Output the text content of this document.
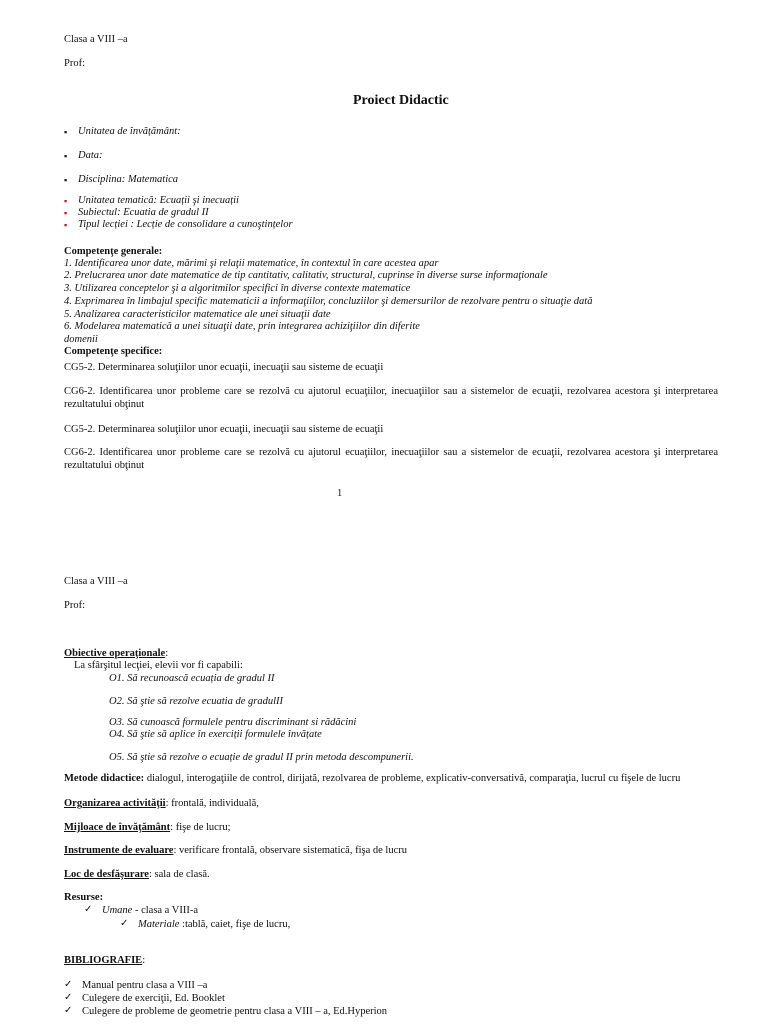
Clasa a VIII –a
Prof:
Proiect Didactic
▪ Unitatea de învățământ:
▪ Data:
▪ Disciplina: Matematica
▪ Unitatea tematică: Ecuații şi inecuații
▪ Subiectul: Ecuatia de gradul II
▪ Tipul lecției : Lecție de consolidare a cunoştințelor
Competenţe generale:
1. Identificarea unor date, mărimi şi relaţii matematice, în contextul în care acestea apar
2. Prelucrarea unor date matematice de tip cantitativ, calitativ, structural, cuprinse în diverse surse informaţionale
3. Utilizarea conceptelor şi a algoritmilor specifici în diverse contexte matematice
4. Exprimarea în limbajul specific matematicii a informaţiilor, concluziilor şi demersurilor de rezolvare pentru o situaţie dată
5. Analizarea caracteristicilor matematice ale unei situaţii date
6. Modelarea matematică a unei situaţii date, prin integrarea achiziţiilor din diferite
domenii
Competenţe specifice:
CG5-2. Determinarea soluţiilor unor ecuaţii, inecuaţii sau sisteme de ecuaţii
CG6-2. Identificarea unor probleme care se rezolvă cu ajutorul ecuaţiilor, inecuaţiilor sau a sistemelor de ecuaţii, rezolvarea acestora şi interpretarea rezultatului obţinut
CG5-2. Determinarea soluţiilor unor ecuaţii, inecuaţii sau sisteme de ecuaţii
CG6-2. Identificarea unor probleme care se rezolvă cu ajutorul ecuaţiilor, inecuaţiilor sau a sistemelor de ecuaţii, rezolvarea acestora şi interpretarea rezultatului obţinut
1
Clasa a VIII –a
Prof:
Obiective operaţionale:
La sfârşitul lecţiei, elevii vor fi capabili:
O1. Să recunoască ecuația de gradul II
O2. Să ştie să rezolve ecuatia de gradulII
O3. Să cunoască formulele pentru discriminant si rădăcini
O4. Să ştie să aplice în exerciții formulele învățate
O5. Să ştie să rezolve o ecuație de gradul II prin metoda descompunerii.
Metode didactice: dialogul, interogaţiile de control, dirijată, rezolvarea de probleme, explicativ-conversativă, comparaţia, lucrul cu fişele de lucru
Organizarea activităţii: frontală, individuală,
Mijloace de învăţământ: fişe de lucru;
Instrumente de evaluare: verificare frontală, observare sistematică, fişa de lucru
Loc de desfăşurare: sala de clasă.
Resurse:
✓ Umane - clasa a VIII-a
✓ Materiale :tablă, caiet, fişe de lucru,
BIBLIOGRAFIE:
✓ Manual pentru clasa a VIII –a
✓ Culegere de exerciţii, Ed. Booklet
✓ Culegere de probleme de geometrie pentru clasa a VIII – a, Ed.Hyperion
